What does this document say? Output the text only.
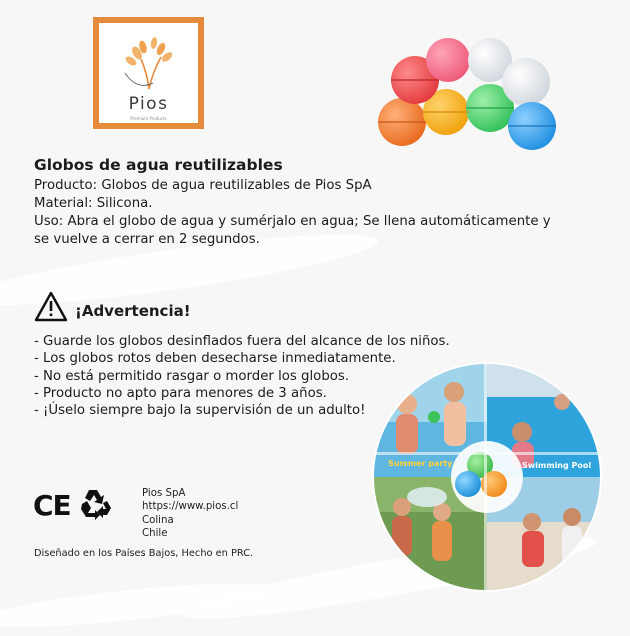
Pios
Premium Products
Globos de agua reutilizables
Producto: Globos de agua reutilizables de Pios SpA
Material: Silicona.
Uso: Abra el globo de agua y sumérjalo en agua; Se llena automáticamente y
se vuelve a cerrar en 2 segundos.
¡Advertencia!
- Guarde los globos desinflados fuera del alcance de los niños.
- Los globos rotos deben desecharse inmediatamente.
- No está permitido rasgar o morder los globos.
- Producto no apto para menores de 3 años.
- ¡Úselo siempre bajo la supervisión de un adulto!
Summer party	Swimming Pool
CE	Pios SpA
https://www.pios.cl
Colina
Chile
Diseñado en los Países Bajos, Hecho en PRC.
